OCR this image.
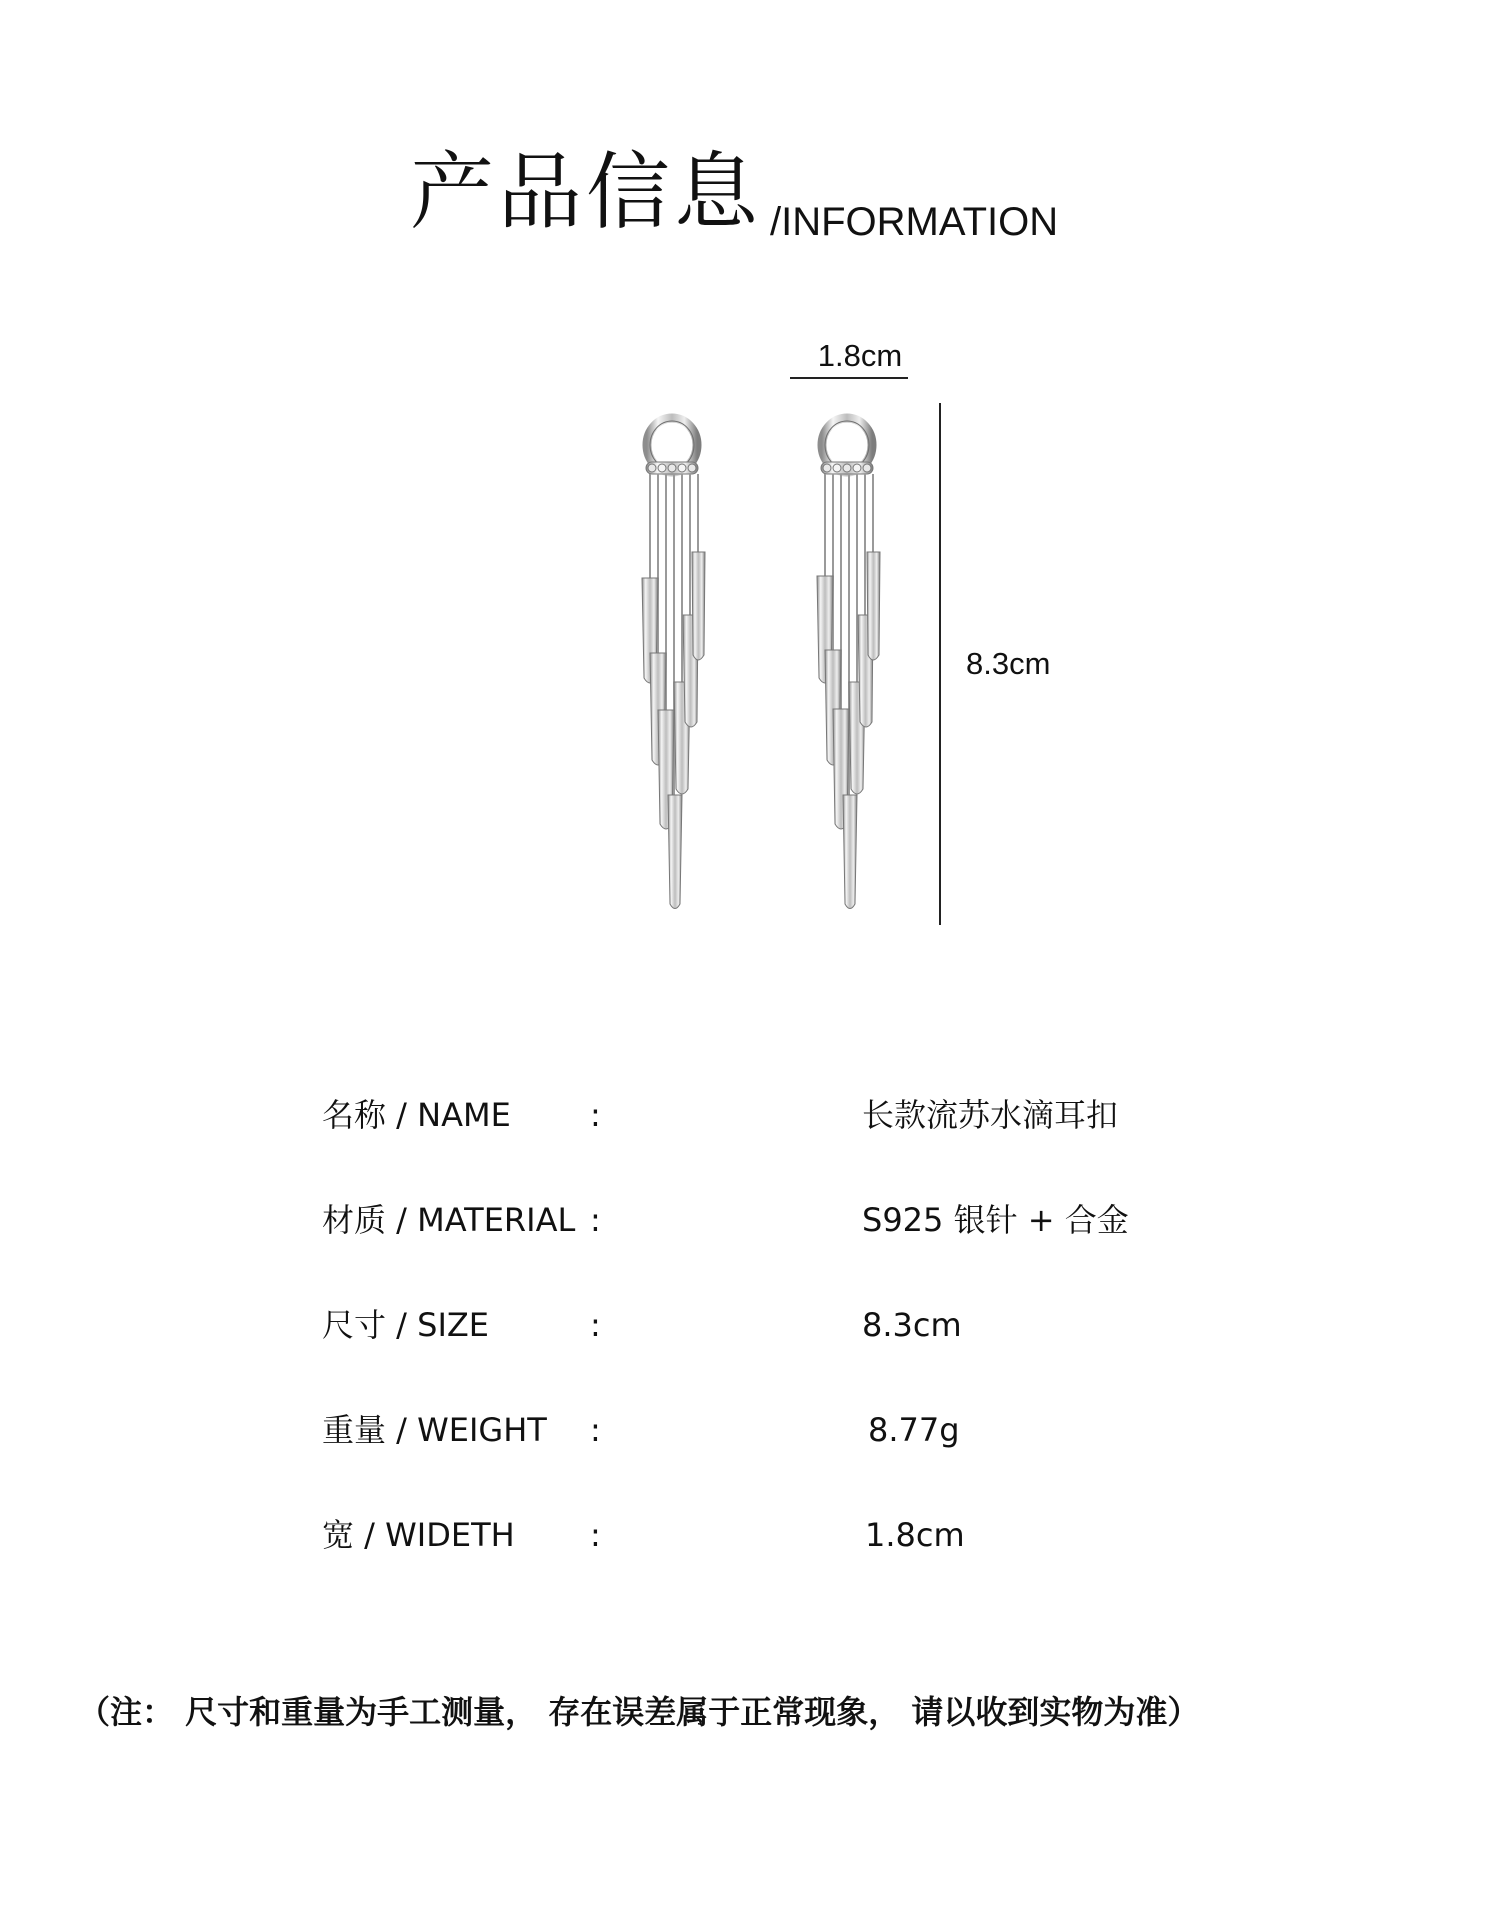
产品信息 /INFORMATION
1.8cm
8.3cm
名称 / NAME :	长款流苏水滴耳扣
材质 / MATERIAL :	S925 银针 + 合金
尺寸 / SIZE	:	8.3cm
重量 / WEIGHT :	8.77g
宽 / WIDETH :	1.8cm
（注： 尺寸和重量为手工测量， 存在误差属于正常现象， 请以收到实物为准）
